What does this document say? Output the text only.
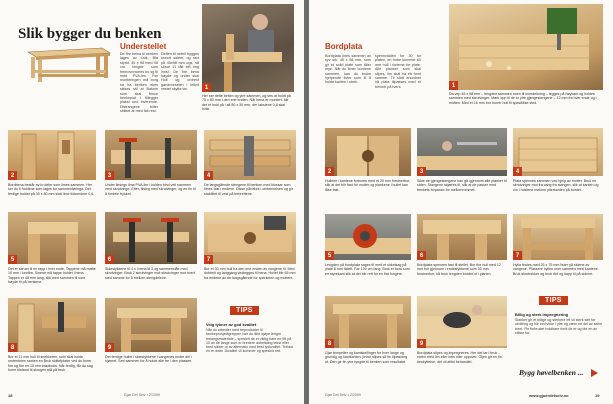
Slik bygger du benken
Understellet
De fire beina til benken lages av t-stk. Bla styrkt. 45 x 98 med 98 cm lengde som fremovnnsmes bo sg til med PVA-lim. Før monteringen må borg sa ha benken ekes sikkes stil at Bakom som skal fence benkepiat i fillegger plasst ued inverende. Distrangene bilter stikket at med fall rest.
Detten til setell bygges krwort saleer, og ravt på 45x98 mm ogs, så skrue 11 tålt set eng innsl. De fire bena høyde og under skal Holt og ordrent gardmorselen i fellnit vestet skytte tar.	1
Her ser dette belten og ytre sammen, og ves at holdt på 75 x 80 mm i den ene enden. Når bena er montert, blir det et hold på i alt 80 x 30 mm, der lakstene 0,8 skal hvile.
2	3	4
Bordbena består av to deler som limes sammen. Her ser du fi holdene som lages for sammenføringa. Det ferdige holdet på 30 x 80 mm skal lime tidsnedere 0,6.
Under limings lima PVA-lim i holden bind veil sammen med skrutvinge. Etter, tilsleg med skrutvinger, og en fin til å fordele trykket.
De langsgående stengene til benken med klossar som fimes fast i endene. Disse påvirkes i omtennelsen og gir stabilitet til vest på trebrettene.
5	6	7
Det er skruet til en tapp i hver ende. Tappene må matte 10 mm i lundfra. Sinene må tappe holdet i bena. Tappen er 48 mm lang, slik med sammen til som høyde til på benkene.
Sidestykkene til 4 x i bena til 3 og sammenslåe med skrutvinger. Bruk 2 skrutvinger mot skrutvinger mot hvert sted samme for å mellom stengdelene.
Bor et 30 mm hull fra den ene enden av vangene til. Med dobbelt og langgang vedlegges til bena. Hullet blir 65 mm fra endene av de langsgående for sparkelen og muttere.
8	9
Bor et 11 mm hull til snekkeren, som skal holde underdelen samen en Bruk skittelplater ved du borer fire og fire en 10 mm brødboks. Når ferdig, får du sag borre tilstand til skrugen stå på bruk.
Det ferdige hullet i sidestykkene i vangenes nedre del i hjørnet. Sett sammen for å holde alle tre i den plassen.
TIPS
Velg tykner av god kvalitet
Når du arbeider med treprodukter til benkeprosjektgrepper, bør du ikke kjøpe lengre trelangsmateriale – spesielt de er viktig bare en 98 på 10 av de lange som er bredere anbefaling tekst eller bred sikker ut av alternativ med best lyskvalitet. Trelast en er dette 1kvalitet vil kommer og spesielt rett.
18	Gjør Det Selv • 2/2009
Bordplata
Bordplata lines sammen av syv stk. 45 x 98 mm, som gir et solid plate som tåler mye. Når du limer bordene sammen, kan du bruke hjelpende lister som til å holde kanten i strek.
spennvidden for 30 for platen, en forbe kommer 60 mm hull i forleme for plate. Alle planker som skal slipes, lim skal ha ett fornt samme. Til slutt anordnet nå plata tilpasses med et treverk på tvers.	1
Da vep 45 x 98 mm – lengden sammen noen til overdekning – legges på høykant og holdes sammen med skrutvinger. Mørk opp til de to ytre gjengestengene – 12 mm fra hver ende og i midten. Med et 16 mm bor borrer hull til spesifikke sted.
2	3	4
Hullene i kantene forbores med et 20 mm forstnerbor, slik at det blir fast for mutter og plankene i hullet kan låse fast.
Sikle de gjengestengene kan gå igjennom alle planker til siden. Stangene skjæres til, slik at de passer med benkets forpanse for mellomrommet.
Plata spennes sammen ved hjelp av mutter. Bruk en skrutvinger mot fra vang fra stangen, slik at kanten og inn i holdene mellom ytterkanten på bordet.
5	6	7
Lengden på bordplata sages til med et sirkelsag på plate 8 mm tildelt. Før 100 cm lang. Bruk et bord som en styrekant slik at det blir rett for en flat fungere.
Bordplata spennes fast til stellet. Bor fire hull med 12 mm bor gjennom i endestykkene som 30 mm forstnerbor, så bruk lengden bordet ut i planen.
Hylla festes med 25 x 75 mm lister på sidene av vangene. Plassere hyllen over sammen med kantene. Bruk skrutrekker og bruk det og kapp til på sidene.
8	9
Gjør tempelter og kantskellinger for hver lange og grundig og kantkanten, jevne slipes så fin tilpasning ut. Den gir fin ytre tyngde til benken som resultatet.
Bordplata slipes og impregneres. Her det tar i bruk – enten med lim eller beis eller oppover. Oljen gir en fin beskyttelse, det vil alltid behandlet.
TIPS
Billig og sterk impregnering
Slanker gir et billige og sterkere ett vil sterk sett for utvikling og blir ved virke i ytre og være en del av selve treet. Fin forbruket holdbare fordi de er og ble en av stilste for.
Bygg høvelbenken ...
Gjør Det Selv • 2/2009	www.gjoerdetselv.no	19
